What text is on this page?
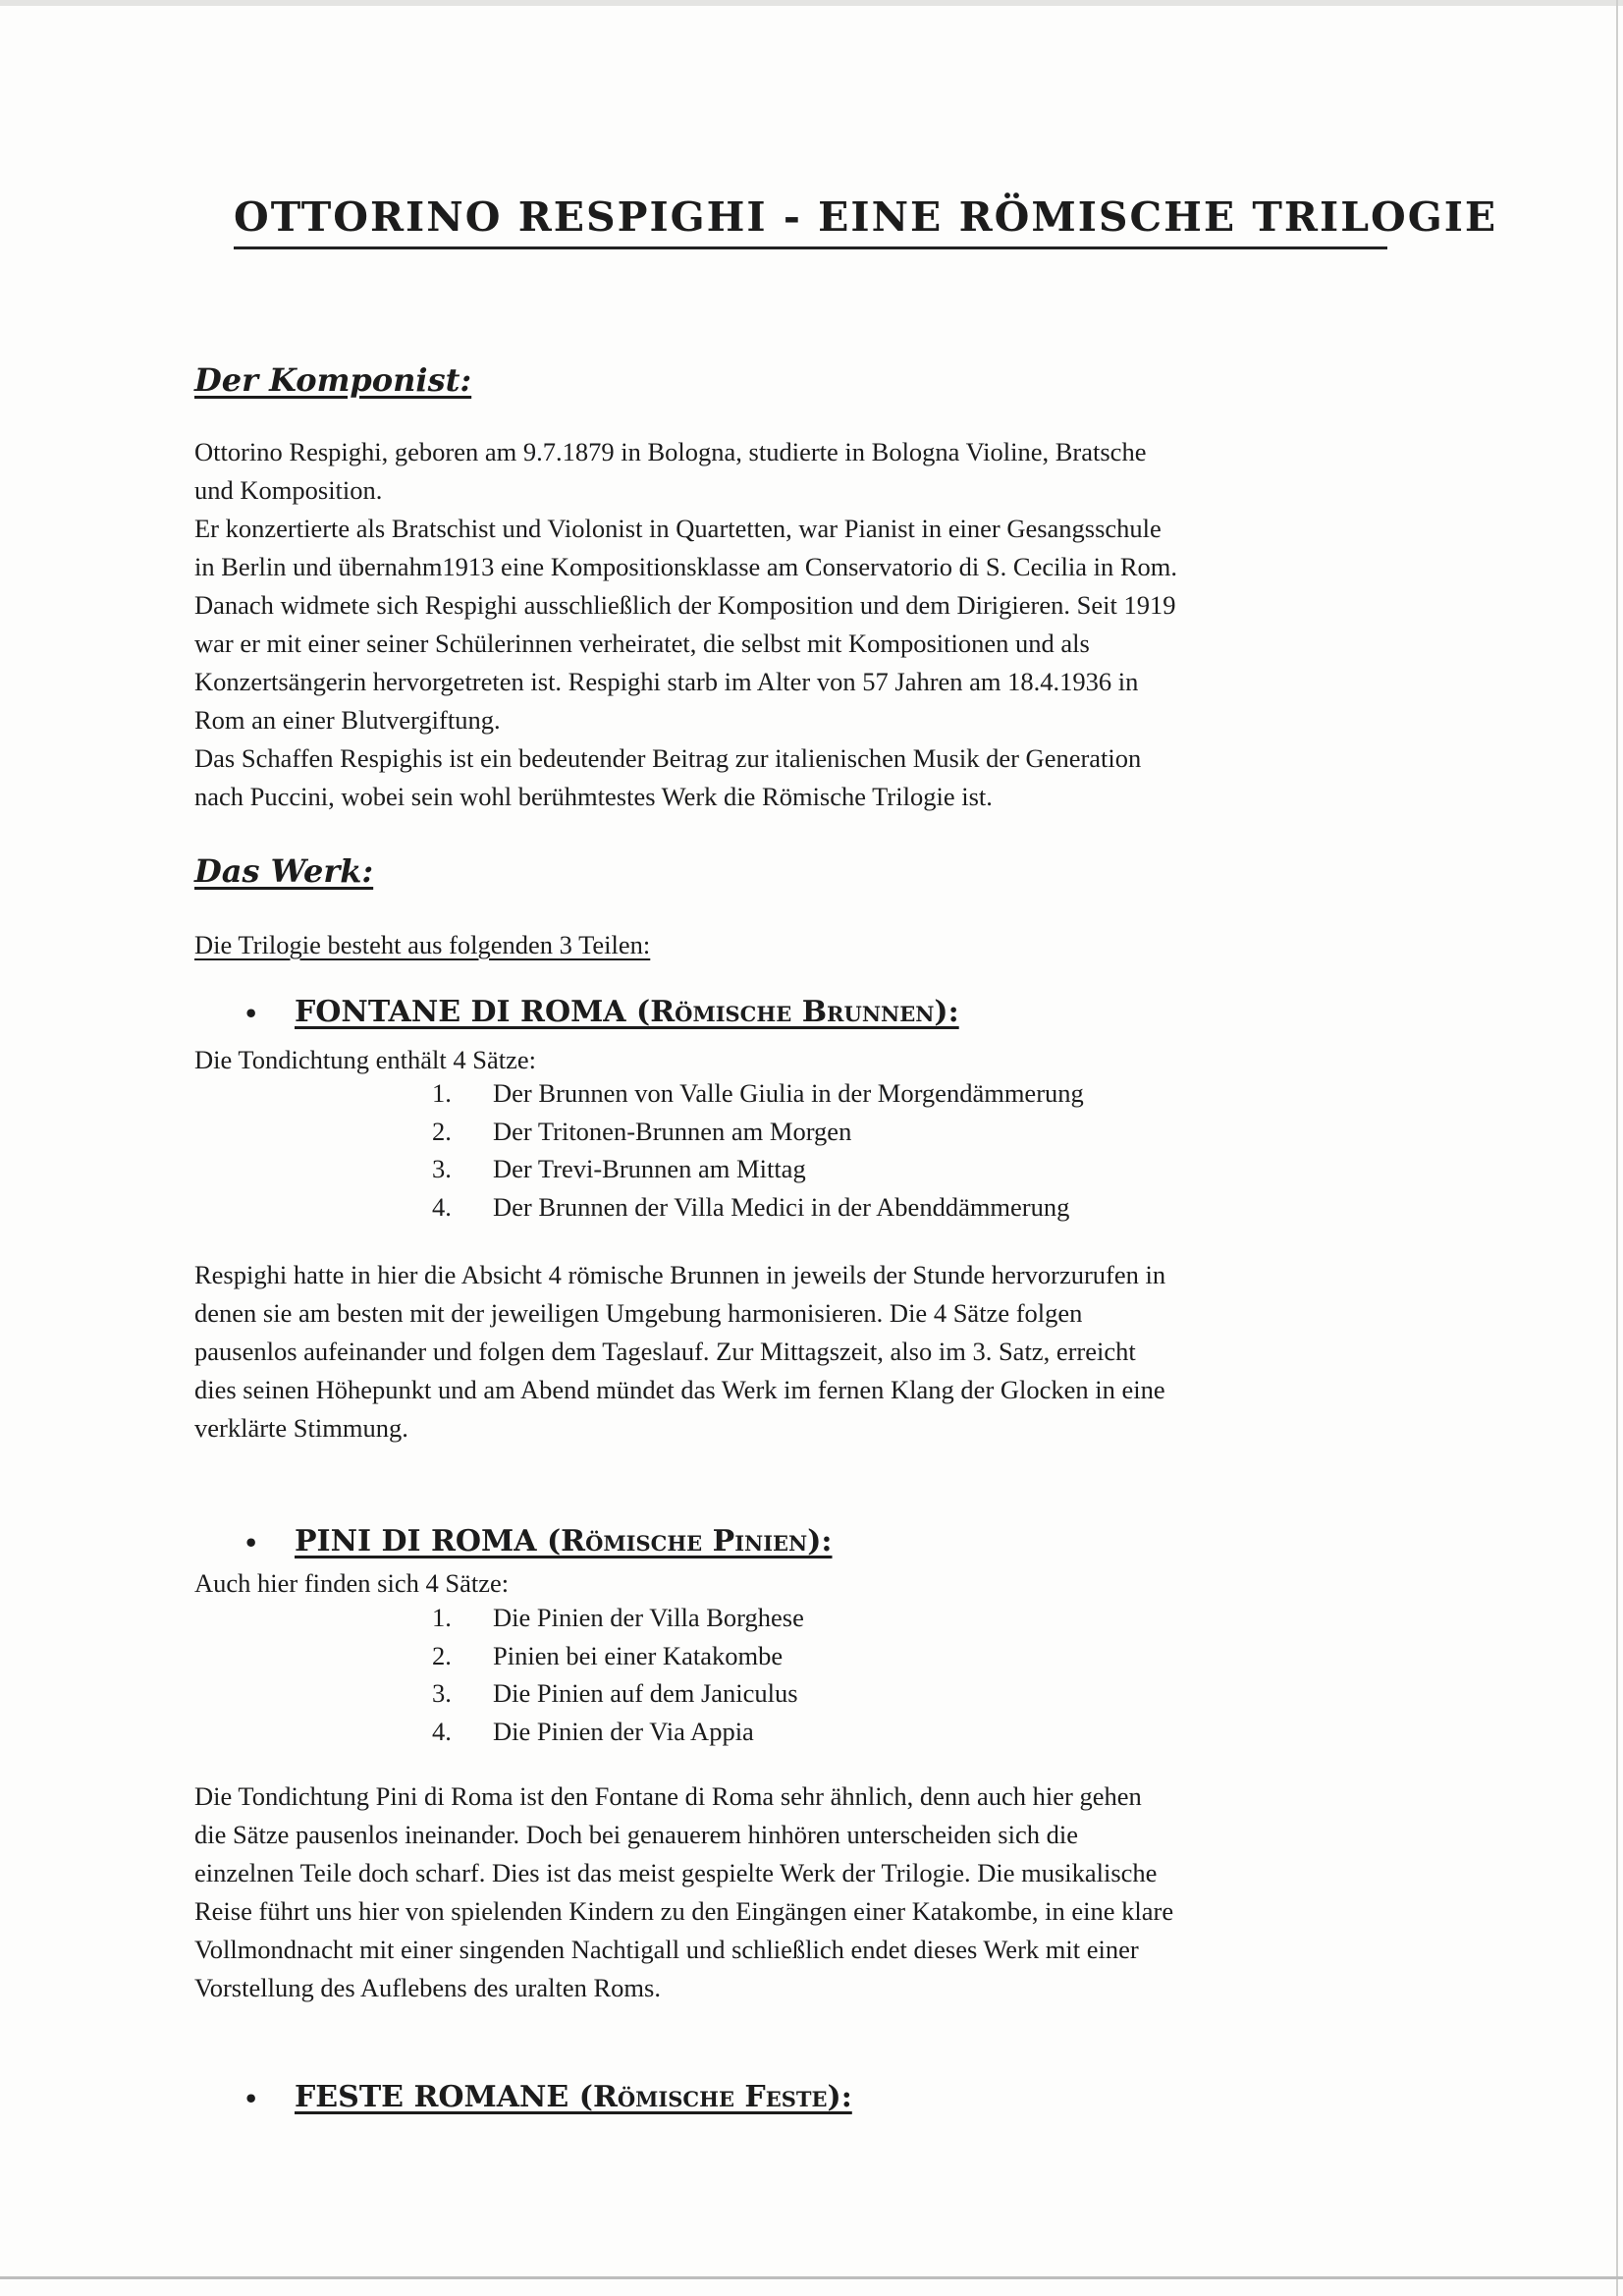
OTTORINO RESPIGHI - EINE RÖMISCHE TRILOGIE
Der Komponist:
Ottorino Respighi, geboren am 9.7.1879 in Bologna, studierte in Bologna Violine, Bratsche
und Komposition.
Er konzertierte als Bratschist und Violonist in Quartetten, war Pianist in einer Gesangsschule
in Berlin und übernahm1913 eine Kompositionsklasse am Conservatorio di S. Cecilia in Rom.
Danach widmete sich Respighi ausschließlich der Komposition und dem Dirigieren. Seit 1919
war er mit einer seiner Schülerinnen verheiratet, die selbst mit Kompositionen und als
Konzertsängerin hervorgetreten ist. Respighi starb im Alter von 57 Jahren am 18.4.1936 in
Rom an einer Blutvergiftung.
Das Schaffen Respighis ist ein bedeutender Beitrag zur italienischen Musik der Generation
nach Puccini, wobei sein wohl berühmtestes Werk die Römische Trilogie ist.
Das Werk:
Die Trilogie besteht aus folgenden 3 Teilen:
• FONTANE DI ROMA (Römische Brunnen):
Die Tondichtung enthält 4 Sätze:
1. Der Brunnen von Valle Giulia in der Morgendämmerung
2. Der Tritonen-Brunnen am Morgen
3. Der Trevi-Brunnen am Mittag
4. Der Brunnen der Villa Medici in der Abenddämmerung
Respighi hatte in hier die Absicht 4 römische Brunnen in jeweils der Stunde hervorzurufen in
denen sie am besten mit der jeweiligen Umgebung harmonisieren. Die 4 Sätze folgen
pausenlos aufeinander und folgen dem Tageslauf. Zur Mittagszeit, also im 3. Satz, erreicht
dies seinen Höhepunkt und am Abend mündet das Werk im fernen Klang der Glocken in eine
verklärte Stimmung.
• PINI DI ROMA (Römische Pinien):
Auch hier finden sich 4 Sätze:
1. Die Pinien der Villa Borghese
2. Pinien bei einer Katakombe
3. Die Pinien auf dem Janiculus
4. Die Pinien der Via Appia
Die Tondichtung Pini di Roma ist den Fontane di Roma sehr ähnlich, denn auch hier gehen
die Sätze pausenlos ineinander. Doch bei genauerem hinhören unterscheiden sich die
einzelnen Teile doch scharf. Dies ist das meist gespielte Werk der Trilogie. Die musikalische
Reise führt uns hier von spielenden Kindern zu den Eingängen einer Katakombe, in eine klare
Vollmondnacht mit einer singenden Nachtigall und schließlich endet dieses Werk mit einer
Vorstellung des Auflebens des uralten Roms.
• FESTE ROMANE (Römische Feste):
